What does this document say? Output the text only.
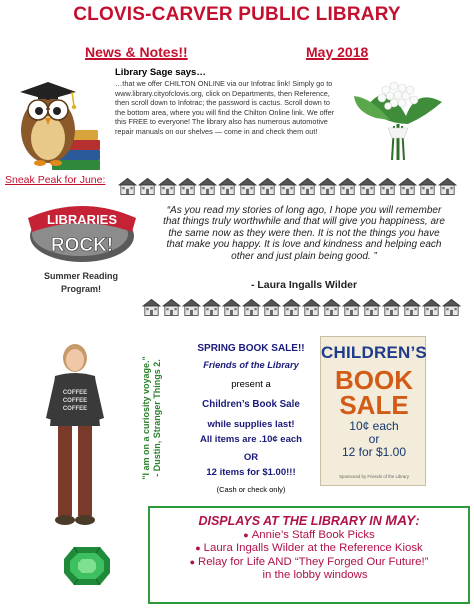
CLOVIS-CARVER PUBLIC LIBRARY
News & Notes!!	May 2018
Library Sage says…
…that we offer CHILTON ONLINE via our Infotrac link! Simply go to www.library.cityofclovis.org, click on Departments, then Reference, then scroll down to Infotrac; the password is cactus. Scroll down to the bottom area, where you will find the Chilton Online link. We offer this FREE to everyone! The library also has numerous automotive repair manuals on our shelves — come in and check them out!
Sneak Peak for June:
LIBRARIES
ROCK!
Summer Reading
Program!
“As you read my stories of long ago, I hope you will remember that things truly worthwhile and that will give you happiness, are the same now as they were then. It is not the things you have that make you happy. It is love and kindness and helping each other and just plain being good. ”
- Laura Ingalls Wilder
COFFEE
COFFEE
COFFEE	"I am on a curiosity voyage." - Dustin, Stranger Things 2.
SPRING BOOK SALE!!
Friends of the Library
present a
Children’s Book Sale
while supplies last!
All items are .10¢ each
OR
12 items for $1.00!!!
(Cash or check only)
CHILDREN’S
BOOK
SALE
10¢ each
or
12 for $1.00
Sponsored by Friends of the Library
DISPLAYS AT THE LIBRARY IN MAY:
● Annie’s Staff Book Picks
● Laura Ingalls Wilder at the Reference Kiosk
● Relay for Life AND “They Forged Our Future!”
in the lobby windows
